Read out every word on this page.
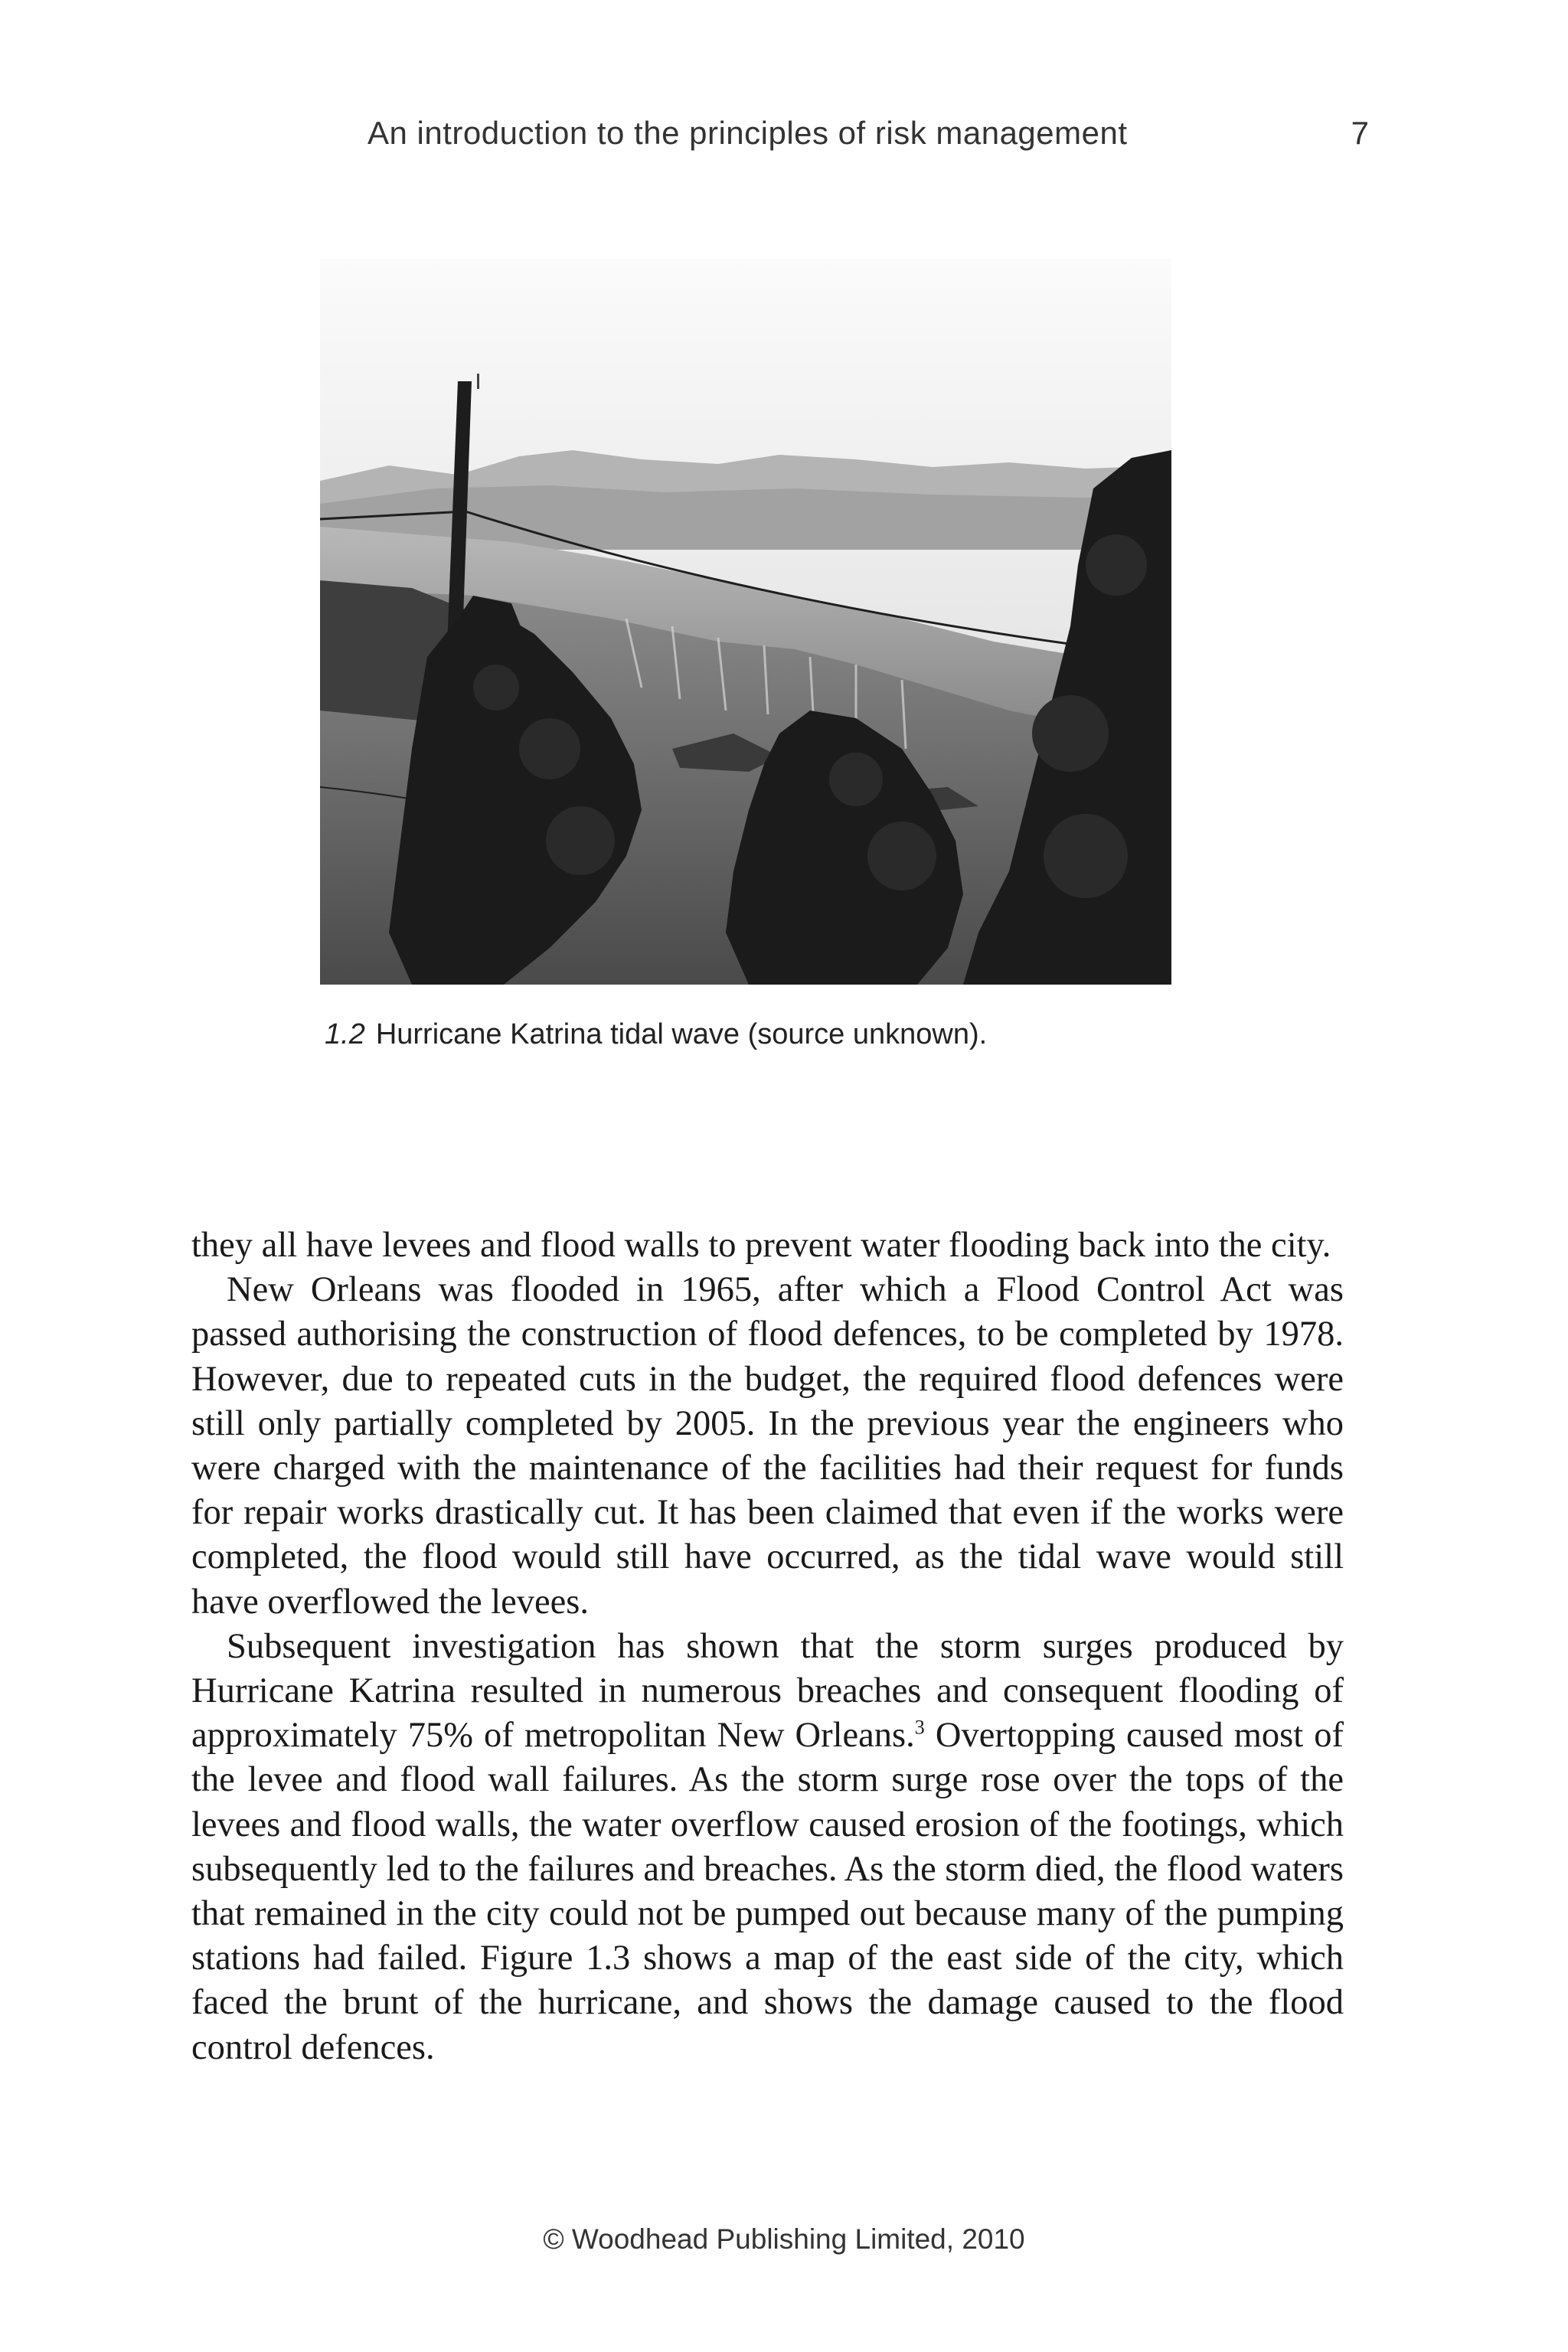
An introduction to the principles of risk management	7
1.2 Hurricane Katrina tidal wave (source unknown).

they all have levees and flood walls to prevent water flooding back into the city.

New Orleans was flooded in 1965, after which a Flood Control Act was passed authorising the construction of flood defences, to be completed by 1978. However, due to repeated cuts in the budget, the required flood defences were still only partially completed by 2005. In the previous year the engineers who were charged with the maintenance of the facilities had their request for funds for repair works drastically cut. It has been claimed that even if the works were completed, the flood would still have occurred, as the tidal wave would still have overflowed the levees.

Subsequent investigation has shown that the storm surges produced by Hurricane Katrina resulted in numerous breaches and consequent flooding of approximately 75% of metropolitan New Orleans.$^3$ Overtopping caused most of the levee and flood wall failures. As the storm surge rose over the tops of the levees and flood walls, the water overflow caused erosion of the footings, which subsequently led to the failures and breaches. As the storm died, the flood waters that remained in the city could not be pumped out because many of the pumping stations had failed. Figure 1.3 shows a map of the east side of the city, which faced the brunt of the hurricane, and shows the damage caused to the flood control defences.

© Woodhead Publishing Limited, 2010
